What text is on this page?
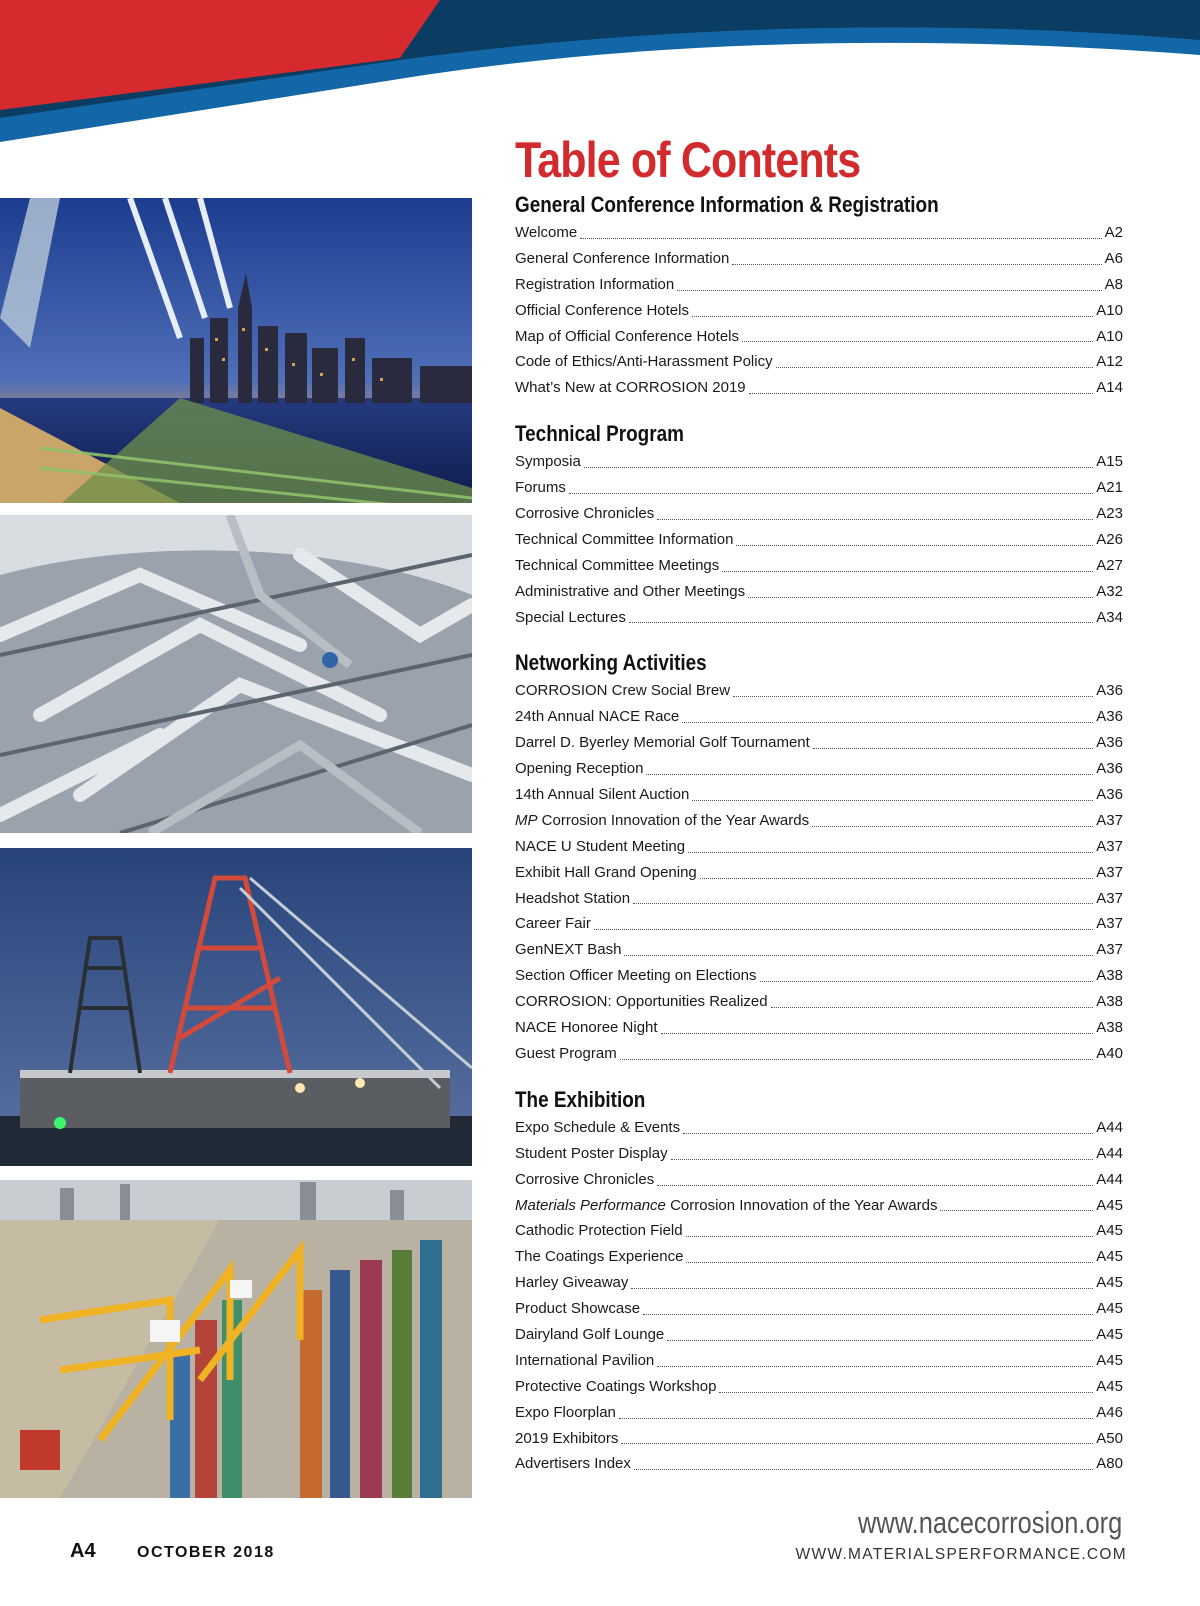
Table of Contents
General Conference Information & Registration
Welcome	A2
General Conference Information	A6
Registration Information	A8
Official Conference Hotels	A10
Map of Official Conference Hotels	A10
Code of Ethics/Anti-Harassment Policy	A12
What’s New at CORROSION 2019	A14
Technical Program
Symposia	A15
Forums	A21
Corrosive Chronicles	A23
Technical Committee Information	A26
Technical Committee Meetings	A27
Administrative and Other Meetings	A32
Special Lectures	A34
Networking Activities
CORROSION Crew Social Brew	A36
24th Annual NACE Race	A36
Darrel D. Byerley Memorial Golf Tournament	A36
Opening Reception	A36
14th Annual Silent Auction	A36
MP Corrosion Innovation of the Year Awards	A37
NACE U Student Meeting	A37
Exhibit Hall Grand Opening	A37
Headshot Station	A37
Career Fair	A37
GenNEXT Bash	A37
Section Officer Meeting on Elections	A38
CORROSION: Opportunities Realized	A38
NACE Honoree Night	A38
Guest Program	A40
The Exhibition
Expo Schedule & Events	A44
Student Poster Display	A44
Corrosive Chronicles	A44
Materials Performance Corrosion Innovation of the Year Awards	A45
Cathodic Protection Field	A45
The Coatings Experience	A45
Harley Giveaway	A45
Product Showcase	A45
Dairyland Golf Lounge	A45
International Pavilion	A45
Protective Coatings Workshop	A45
Expo Floorplan	A46
2019 Exhibitors	A50
Advertisers Index	A80
A4	OCTOBER 2018
www.nacecorrosion.org
WWW.MATERIALSPERFORMANCE.COM
